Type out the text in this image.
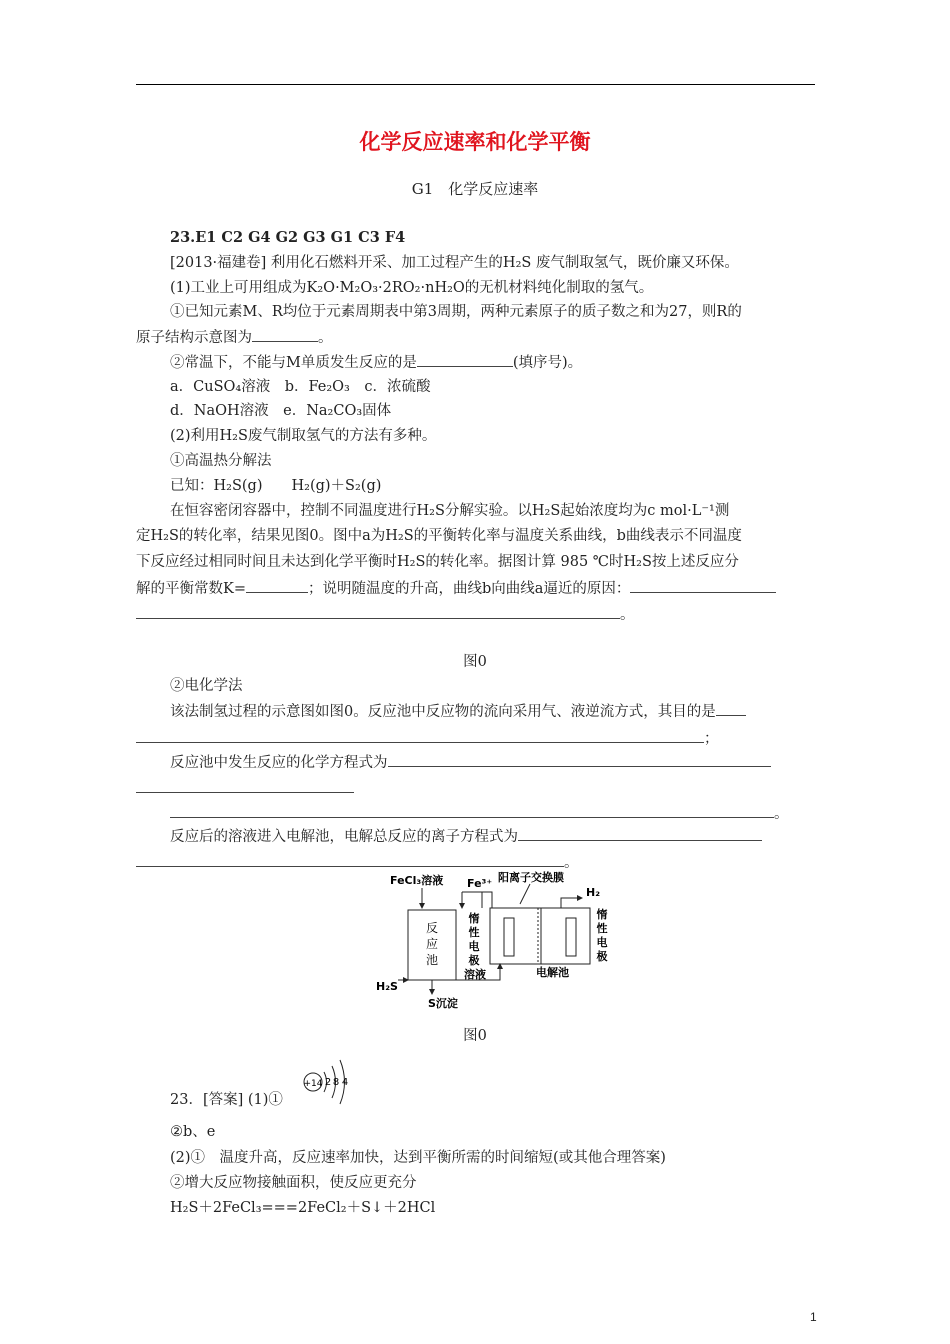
化学反应速率和化学平衡
G1　化学反应速率
23.E1 C2 G4 G2 G3 G1 C3 F4
[2013·福建卷] 利用化石燃料开采、加工过程产生的H₂S 废气制取氢气，既价廉又环保。
(1)工业上可用组成为K₂O·M₂O₃·2RO₂·nH₂O的无机材料纯化制取的氢气。
①已知元素M、R均位于元素周期表中第3周期，两种元素原子的质子数之和为27，则R的
原子结构示意图为	。
②常温下，不能与M单质发生反应的是	(填序号)。
a．CuSO₄溶液　b．Fe₂O₃　c．浓硫酸
d．NaOH溶液　e．Na₂CO₃固体
(2)利用H₂S废气制取氢气的方法有多种。
①高温热分解法
已知：H₂S(g)　　H₂(g)＋S₂(g)
在恒容密闭容器中，控制不同温度进行H₂S分解实验。以H₂S起始浓度均为c mol·L⁻¹测
定H₂S的转化率，结果见图0。图中a为H₂S的平衡转化率与温度关系曲线，b曲线表示不同温度
下反应经过相同时间且未达到化学平衡时H₂S的转化率。据图计算 985 ℃时H₂S按上述反应分
解的平衡常数K=	；说明随温度的升高，曲线b向曲线a逼近的原因：
。
图0
②电化学法
该法制氢过程的示意图如图0。反应池中反应物的流向采用气、液逆流方式，其目的是
；
反应池中发生反应的化学方程式为
。
反应后的溶液进入电解池，电解总反应的离子方程式为
。
FeCl₃溶液 Fe³⁺ 阳离子交换膜
H₂
反
应
池
惰
性
电
极
惰
性
电
极
溶液	电解池
H₂S
S沉淀
图0
23．[答案] (1)①
+14 2 8 4
②b、e
(2)①　温度升高，反应速率加快，达到平衡所需的时间缩短(或其他合理答案)
②增大反应物接触面积，使反应更充分
H₂S＋2FeCl₃===2FeCl₂＋S↓＋2HCl
1
